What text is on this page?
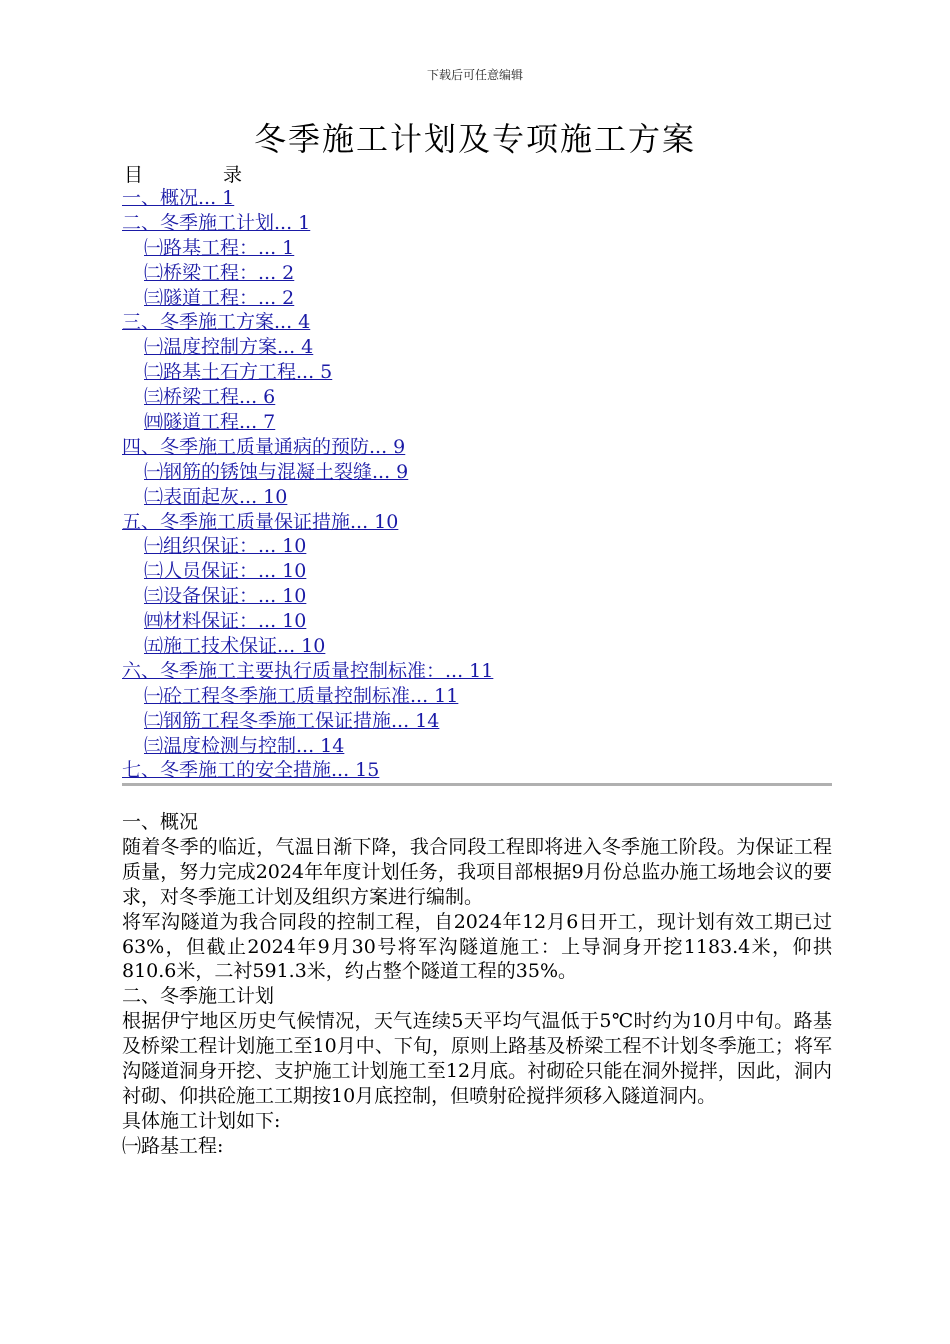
下载后可任意编辑
冬季施工计划及专项施工方案
目	录
一、概况... 1
二、冬季施工计划... 1
㈠路基工程：... 1
㈡桥梁工程：... 2
㈢隧道工程：... 2
三、冬季施工方案... 4
㈠温度控制方案... 4
㈡路基土石方工程... 5
㈢桥梁工程... 6
㈣隧道工程... 7
四、冬季施工质量通病的预防... 9
㈠钢筋的锈蚀与混凝土裂缝... 9
㈡表面起灰... 10
五、冬季施工质量保证措施... 10
㈠组织保证：... 10
㈡人员保证：... 10
㈢设备保证：... 10
㈣材料保证：... 10
㈤施工技术保证... 10
六、冬季施工主要执行质量控制标准：... 11
㈠砼工程冬季施工质量控制标准... 11
㈡钢筋工程冬季施工保证措施... 14
㈢温度检测与控制... 14
七、冬季施工的安全措施... 15

一、概况

随着冬季的临近，气温日渐下降，我合同段工程即将进入冬季施工阶段。为保证工程质量，努力完成2024年年度计划任务，我项目部根据9月份总监办施工场地会议的要求，对冬季施工计划及组织方案进行编制。

将军沟隧道为我合同段的控制工程，自2024年12月6日开工，现计划有效工期已过63%，但截止2024年9月30号将军沟隧道施工：上导洞身开挖1183.4米，仰拱810.6米，二衬591.3米，约占整个隧道工程的35%。

二、冬季施工计划

根据伊宁地区历史气候情况，天气连续5天平均气温低于5℃时约为10月中旬。路基及桥梁工程计划施工至10月中、下旬，原则上路基及桥梁工程不计划冬季施工；将军沟隧道洞身开挖、支护施工计划施工至12月底。衬砌砼只能在洞外搅拌，因此，洞内衬砌、仰拱砼施工工期按10月底控制，但喷射砼搅拌须移入隧道洞内。

具体施工计划如下:

㈠路基工程:
